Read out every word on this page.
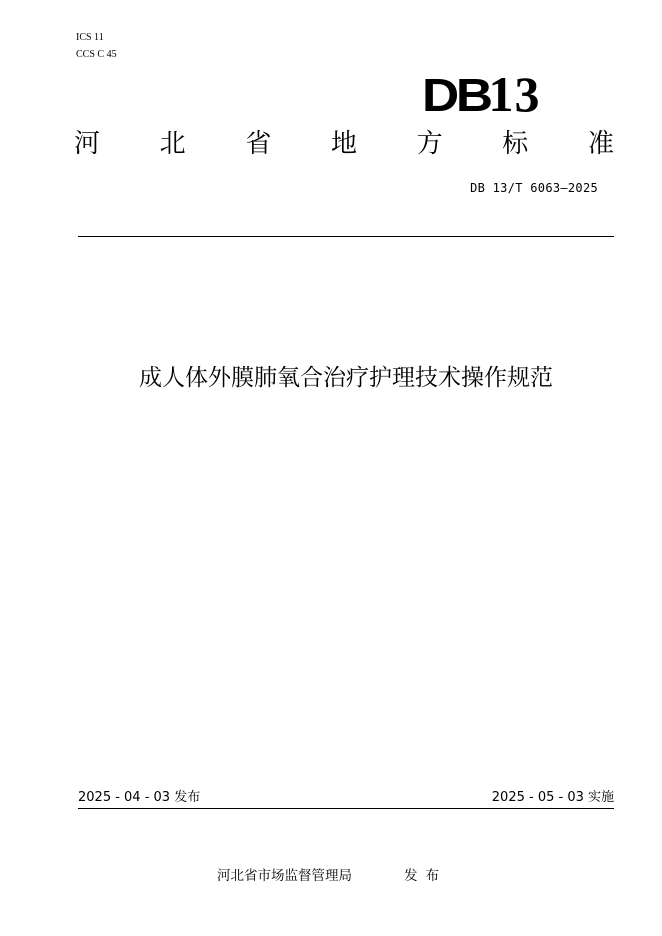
ICS 11
CCS C 45
DB13
河 北 省 地 方 标 准
DB 13/T 6063—2025
成人体外膜肺氧合治疗护理技术操作规范
2025 - 04 - 03 发布	2025 - 05 - 03 实施
河北省市场监督管理局	发布
